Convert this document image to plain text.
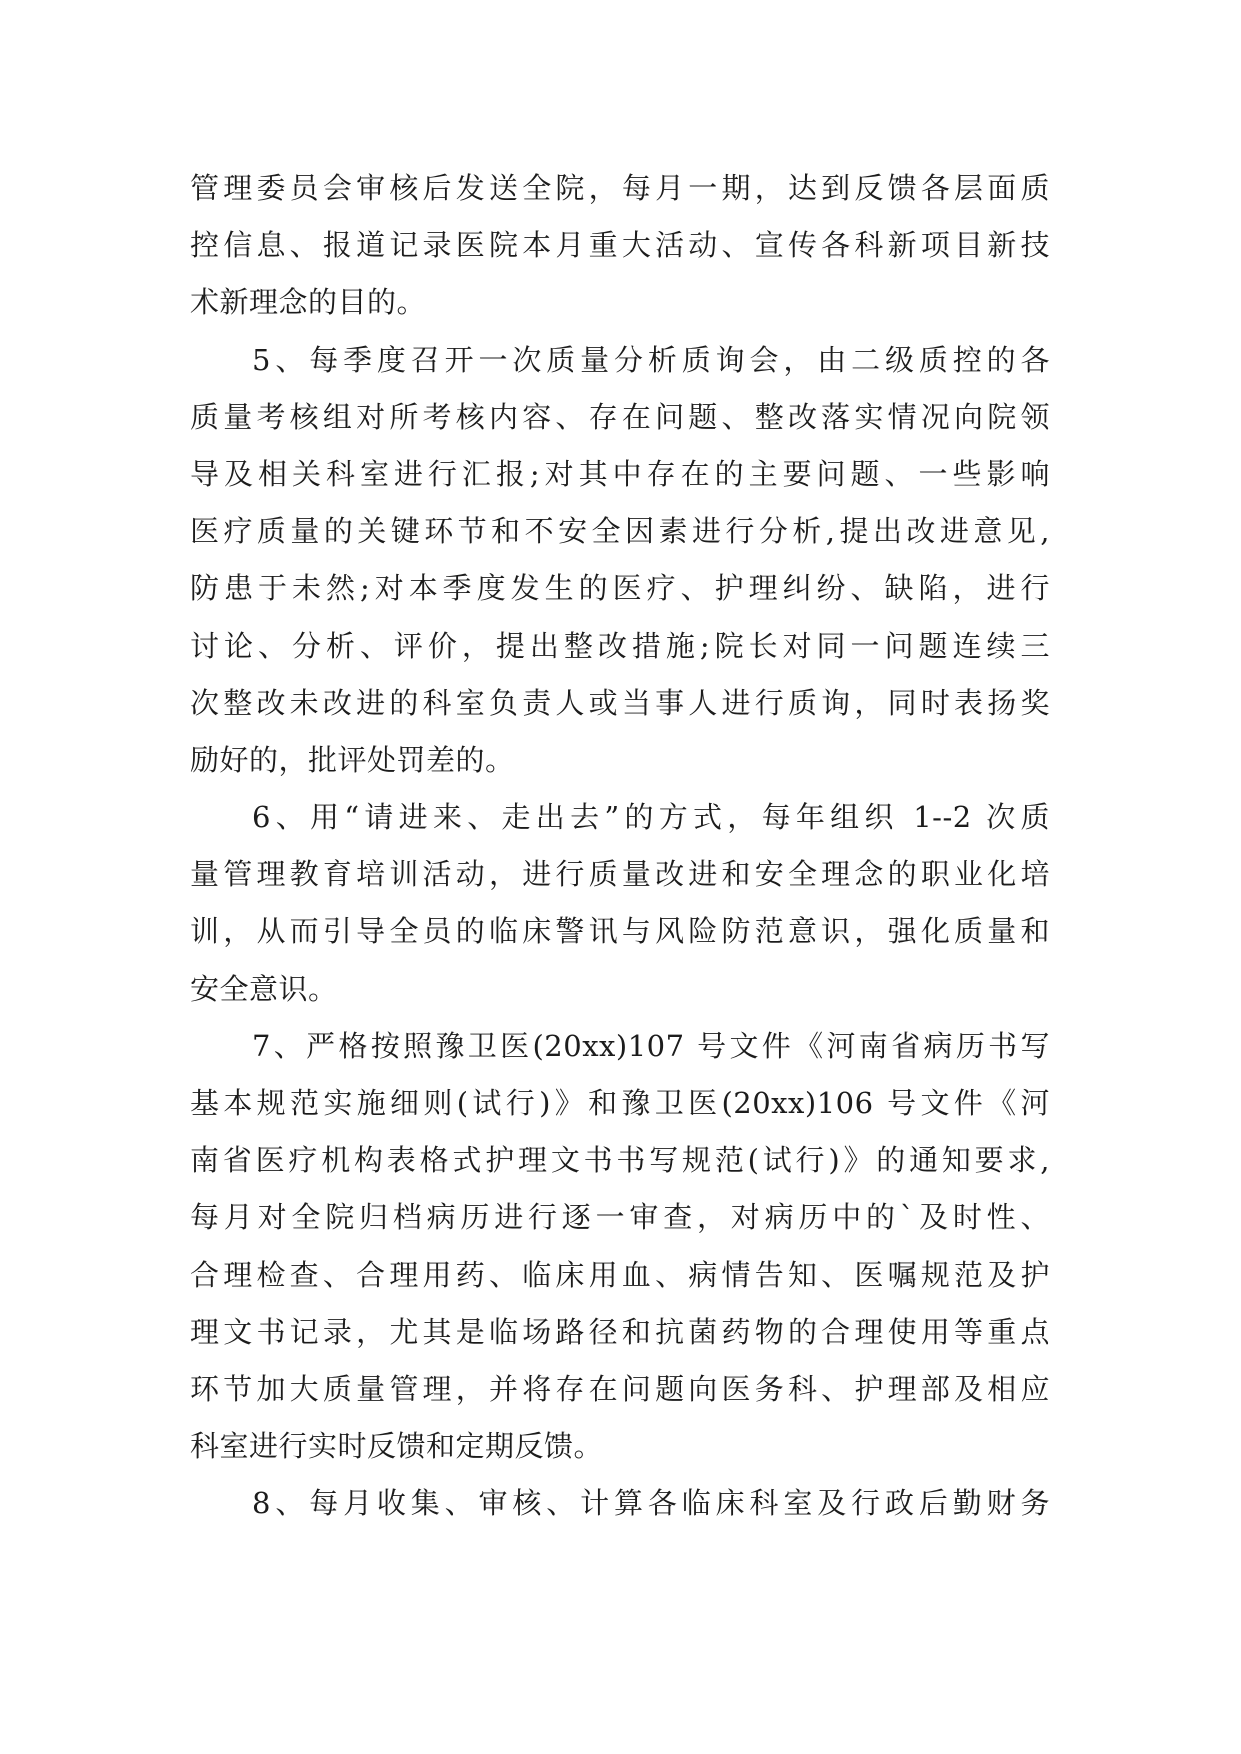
管理委员会审核后发送全院，每月一期，达到反馈各层面质
控信息、报道记录医院本月重大活动、宣传各科新项目新技
术新理念的目的。
5、每季度召开一次质量分析质询会，由二级质控的各
质量考核组对所考核内容、存在问题、整改落实情况向院领
导及相关科室进行汇报;对其中存在的主要问题、一些影响
医疗质量的关键环节和不安全因素进行分析,提出改进意见,
防患于未然;对本季度发生的医疗、护理纠纷、缺陷，进行
讨论、分析、评价，提出整改措施;院长对同一问题连续三
次整改未改进的科室负责人或当事人进行质询，同时表扬奖
励好的，批评处罚差的。
6、用“请进来、走出去”的方式，每年组织 1--2 次质
量管理教育培训活动，进行质量改进和安全理念的职业化培
训，从而引导全员的临床警讯与风险防范意识，强化质量和
安全意识。
7、严格按照豫卫医(20xx)107 号文件《河南省病历书写
基本规范实施细则(试行)》和豫卫医(20xx)106 号文件《河
南省医疗机构表格式护理文书书写规范(试行)》的通知要求,
每月对全院归档病历进行逐一审查，对病历中的`及时性、
合理检查、合理用药、临床用血、病情告知、医嘱规范及护
理文书记录，尤其是临场路径和抗菌药物的合理使用等重点
环节加大质量管理，并将存在问题向医务科、护理部及相应
科室进行实时反馈和定期反馈。
8、每月收集、审核、计算各临床科室及行政后勤财务
